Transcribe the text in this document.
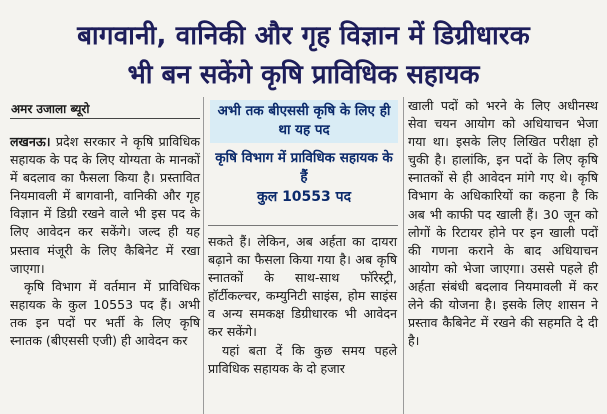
बागवानी, वानिकी और गृह विज्ञान में डिग्रीधारक
भी बन सकेंगे कृषि प्राविधिक सहायक
अमर उजाला ब्यूरो

लखनऊ। प्रदेश सरकार ने कृषि प्राविधिक सहायक के पद के लिए योग्यता के मानकों में बदलाव का फैसला किया है। प्रस्तावित नियमावली में बागवानी, वानिकी और गृह विज्ञान में डिग्री रखने वाले भी इस पद के लिए आवेदन कर सकेंगे। जल्द ही यह प्रस्ताव मंजूरी के लिए कैबिनेट में रखा जाएगा।

कृषि विभाग में वर्तमान में प्राविधिक सहायक के कुल 10553 पद हैं। अभी तक इन पदों पर भर्ती के लिए कृषि स्नातक (बीएससी एजी) ही आवेदन कर

अभी तक बीएससी कृषि के लिए ही था यह पद
कृषि विभाग में प्राविधिक सहायक के हैं
कुल 10553 पद

सकते हैं। लेकिन, अब अर्हता का दायरा बढ़ाने का फैसला किया गया है। अब कृषि स्नातकों के साथ-साथ फॉरेस्ट्री, हॉर्टीकल्चर, कम्युनिटी साइंस, होम साइंस व अन्य समकक्ष डिग्रीधारक भी आवेदन कर सकेंगे।

यहां बता दें कि कुछ समय पहले प्राविधिक सहायक के दो हजार

खाली पदों को भरने के लिए अधीनस्थ सेवा चयन आयोग को अधियाचन भेजा गया था। इसके लिए लिखित परीक्षा हो चुकी है। हालांकि, इन पदों के लिए कृषि स्नातकों से ही आवेदन मांगे गए थे। कृषि विभाग के अधिकारियों का कहना है कि अब भी काफी पद खाली हैं। 30 जून को लोगों के रिटायर होने पर इन खाली पदों की गणना कराने के बाद अधियाचन आयोग को भेजा जाएगा। उससे पहले ही अर्हता संबंधी बदलाव नियमावली में कर लेने की योजना है। इसके लिए शासन ने प्रस्ताव कैबिनेट में रखने की सहमति दे दी है।
